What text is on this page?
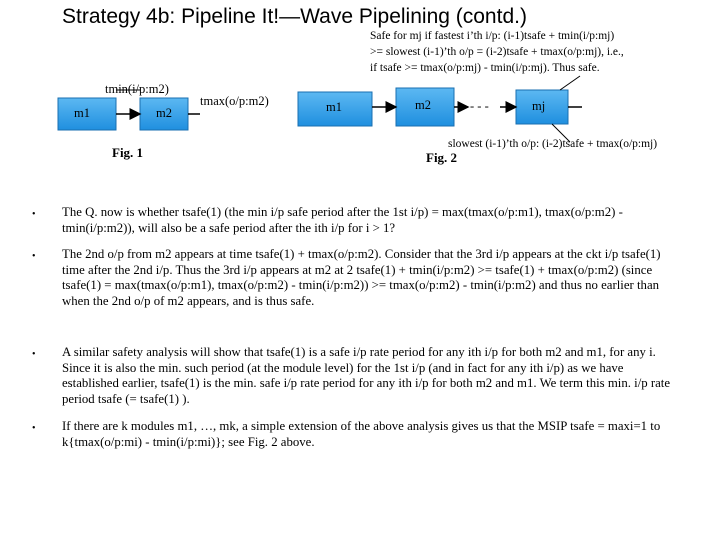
Strategy 4b: Pipeline It!—Wave Pipelining (contd.)
Safe for mj if fastest i’th i/p: (i-1)tsafe + tmin(i/p:mj)
>= slowest (i-1)’th o/p = (i-2)tsafe + tmax(o/p:mj), i.e.,
if tsafe >= tmax(o/p:mj) - tmin(i/p:mj). Thus safe.
tmin(i/p:m2)
tmax(o/p:m2)
m1	m2
Fig. 1
m1	m2	- - -	mj
slowest (i-1)’th o/p: (i-2)tsafe + tmax(o/p:mj)
Fig. 2
• The Q. now is whether tsafe(1) (the min i/p safe period after the 1st i/p) = max(tmax(o/p:m1), tmax(o/p:m2) - tmin(i/p:m2)), will also be a safe period after the ith i/p for i > 1?
• The 2nd o/p from m2 appears at time tsafe(1) + tmax(o/p:m2). Consider that the 3rd i/p appears at the ckt i/p tsafe(1) time after the 2nd i/p. Thus the 3rd i/p appears at m2 at 2 tsafe(1) + tmin(i/p:m2) >= tsafe(1) + tmax(o/p:m2) (since tsafe(1) = max(tmax(o/p:m1), tmax(o/p:m2) - tmin(i/p:m2)) >= tmax(o/p:m2) - tmin(i/p:m2) and thus no earlier than when the 2nd o/p of m2 appears, and is thus safe.
• A similar safety analysis will show that tsafe(1) is a safe i/p rate period for any ith i/p for both m2 and m1, for any i. Since it is also the min. such period (at the module level) for the 1st i/p (and in fact for any ith i/p) as we have established earlier, tsafe(1) is the min. safe i/p rate period for any ith i/p for both m2 and m1. We term this min. i/p rate period tsafe (= tsafe(1) ).
• If there are k modules m1, …, mk, a simple extension of the above analysis gives us that the MSIP tsafe = maxi=1 to k{tmax(o/p:mi) - tmin(i/p:mi)}; see Fig. 2 above.
